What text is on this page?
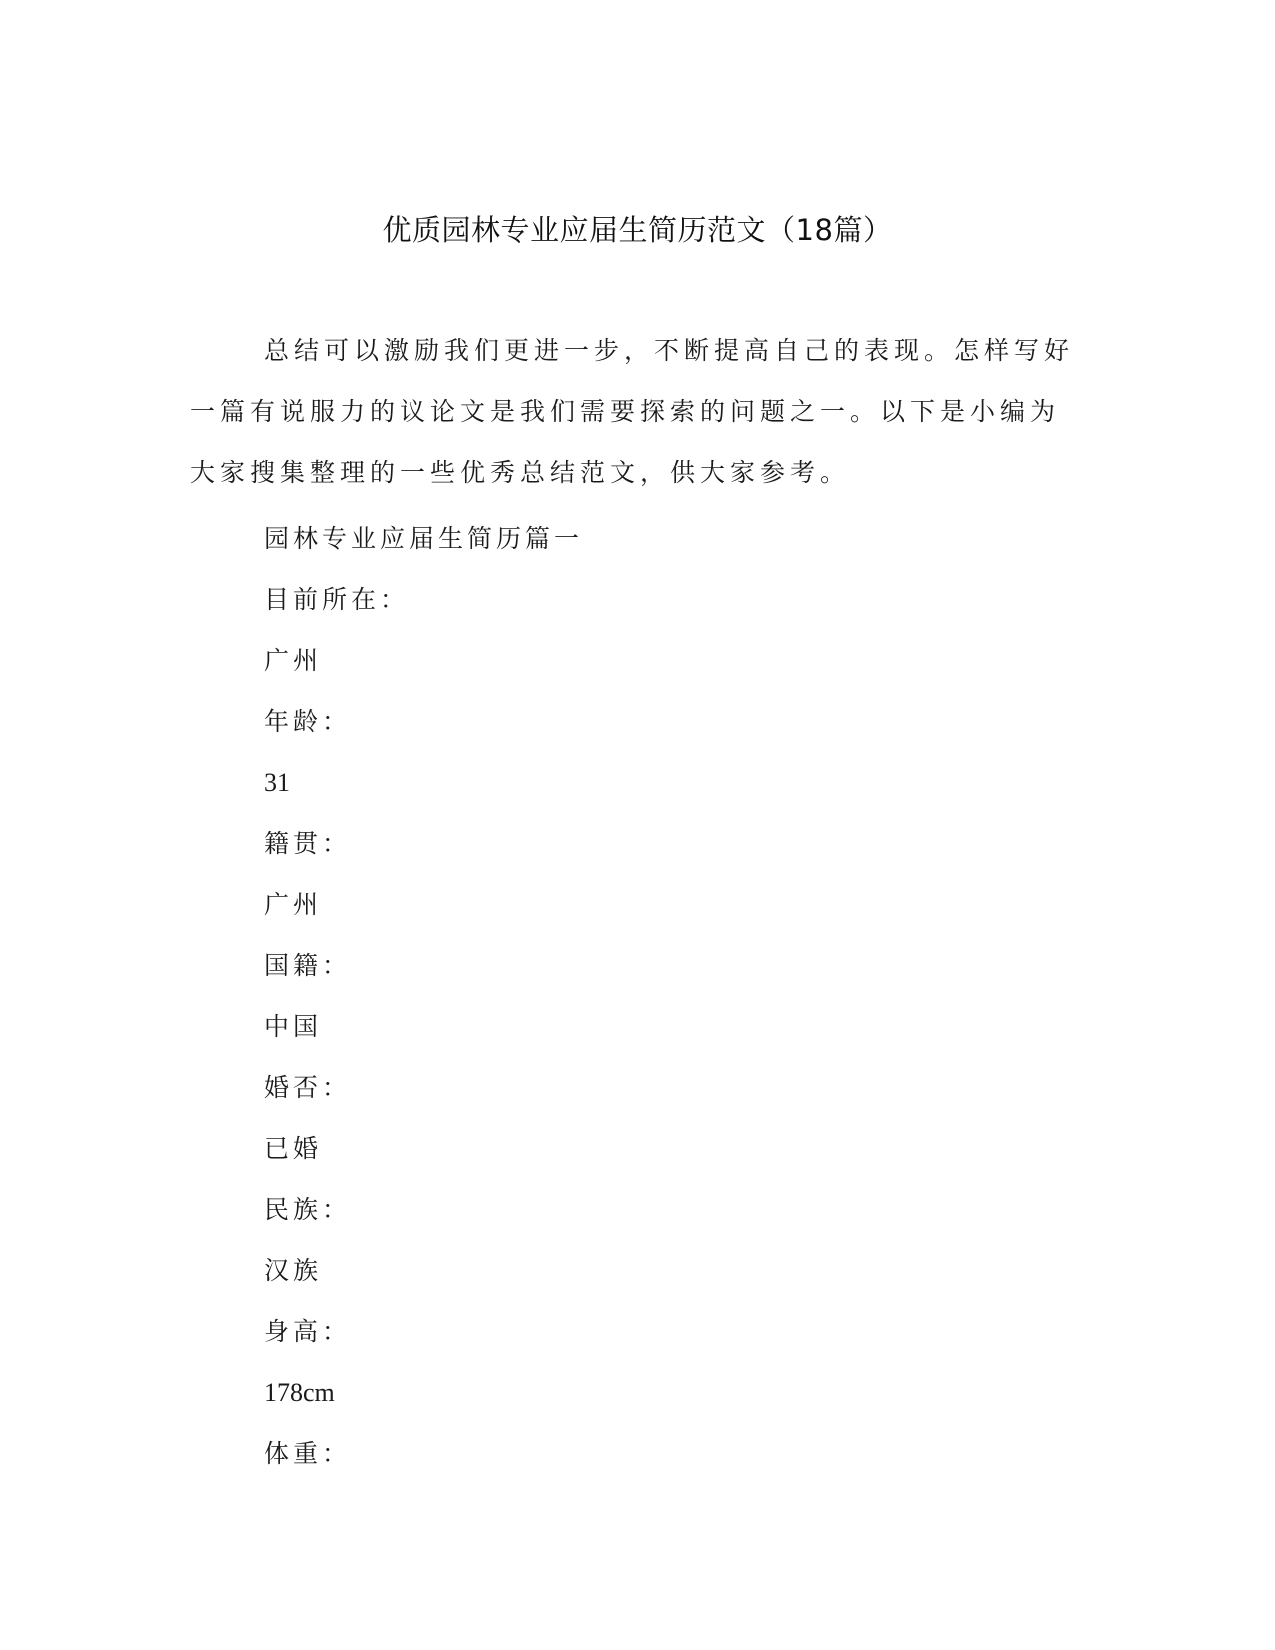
优质园林专业应届生简历范文（18篇）

总结可以激励我们更进一步，不断提高自己的表现。怎样写好一篇有说服力的议论文是我们需要探索的问题之一。以下是小编为大家搜集整理的一些优秀总结范文，供大家参考。

园林专业应届生简历篇一
目前所在：
广州
年龄：
31
籍贯：
广州
国籍：
中国
婚否：
已婚
民族：
汉族
身高：
178cm
体重：
